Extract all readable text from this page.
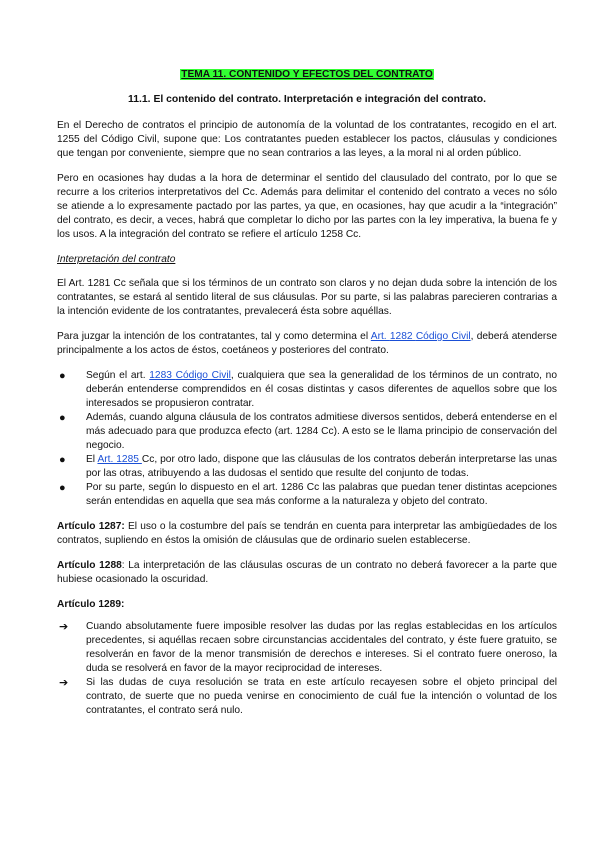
TEMA 11. CONTENIDO Y EFECTOS DEL CONTRATO
11.1. El contenido del contrato. Interpretación e integración del contrato.

En el Derecho de contratos el principio de autonomía de la voluntad de los contratantes, recogido en el art. 1255 del Código Civil, supone que: Los contratantes pueden establecer los pactos, cláusulas y condiciones que tengan por conveniente, siempre que no sean contrarios a las leyes, a la moral ni al orden público.

Pero en ocasiones hay dudas a la hora de determinar el sentido del clausulado del contrato, por lo que se recurre a los criterios interpretativos del Cc. Además para delimitar el contenido del contrato a veces no sólo se atiende a lo expresamente pactado por las partes, ya que, en ocasiones, hay que acudir a la “integración” del contrato, es decir, a veces, habrá que completar lo dicho por las partes con la ley imperativa, la buena fe y los usos. A la integración del contrato se refiere el artículo 1258 Cc.

Interpretación del contrato

El Art. 1281 Cc señala que si los términos de un contrato son claros y no dejan duda sobre la intención de los contratantes, se estará al sentido literal de sus cláusulas. Por su parte, si las palabras parecieren contrarias a la intención evidente de los contratantes, prevalecerá ésta sobre aquéllas.

Para juzgar la intención de los contratantes, tal y como determina el Art. 1282 Código Civil, deberá atenderse principalmente a los actos de éstos, coetáneos y posteriores del contrato.

● Según el art. 1283 Código Civil, cualquiera que sea la generalidad de los términos de un contrato, no deberán entenderse comprendidos en él cosas distintas y casos diferentes de aquellos sobre que los interesados se propusieron contratar.
● Además, cuando alguna cláusula de los contratos admitiese diversos sentidos, deberá entenderse en el más adecuado para que produzca efecto (art. 1284 Cc). A esto se le llama principio de conservación del negocio.
● El Art. 1285 Cc, por otro lado, dispone que las cláusulas de los contratos deberán interpretarse las unas por las otras, atribuyendo a las dudosas el sentido que resulte del conjunto de todas.
● Por su parte, según lo dispuesto en el art. 1286 Cc las palabras que puedan tener distintas acepciones serán entendidas en aquella que sea más conforme a la naturaleza y objeto del contrato.

Artículo 1287: El uso o la costumbre del país se tendrán en cuenta para interpretar las ambigüedades de los contratos, supliendo en éstos la omisión de cláusulas que de ordinario suelen establecerse.

Artículo 1288: La interpretación de las cláusulas oscuras de un contrato no deberá favorecer a la parte que hubiese ocasionado la oscuridad.

Artículo 1289:

➔ Cuando absolutamente fuere imposible resolver las dudas por las reglas establecidas en los artículos precedentes, si aquéllas recaen sobre circunstancias accidentales del contrato, y éste fuere gratuito, se resolverán en favor de la menor transmisión de derechos e intereses. Si el contrato fuere oneroso, la duda se resolverá en favor de la mayor reciprocidad de intereses.
➔ Si las dudas de cuya resolución se trata en este artículo recayesen sobre el objeto principal del contrato, de suerte que no pueda venirse en conocimiento de cuál fue la intención o voluntad de los contratantes, el contrato será nulo.
